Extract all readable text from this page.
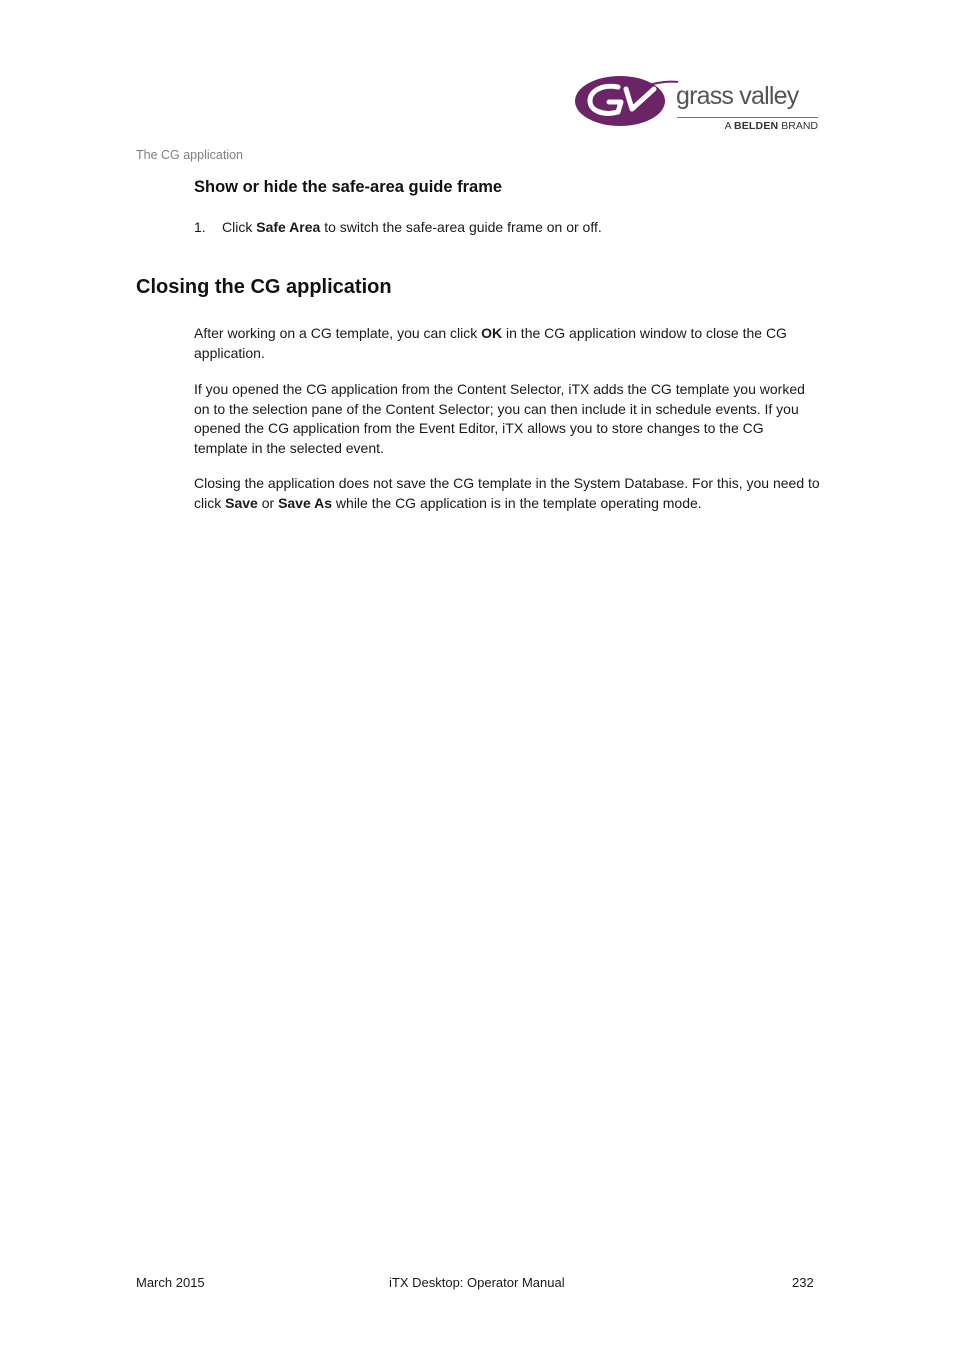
grass valley
A BELDEN BRAND
The CG application
Show or hide the safe-area guide frame
1. Click Safe Area to switch the safe-area guide frame on or off.
Closing the CG application

After working on a CG template, you can click OK in the CG application window to close the CG application.

If you opened the CG application from the Content Selector, iTX adds the CG template you worked on to the selection pane of the Content Selector; you can then include it in schedule events. If you opened the CG application from the Event Editor, iTX allows you to store changes to the CG template in the selected event.

Closing the application does not save the CG template in the System Database. For this, you need to click Save or Save As while the CG application is in the template operating mode.

March 2015	iTX Desktop: Operator Manual	232
